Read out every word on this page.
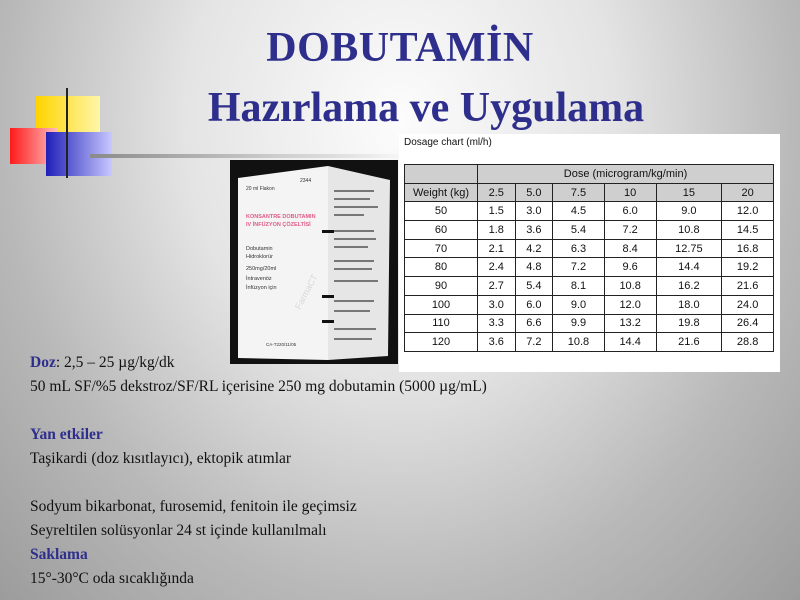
DOBUTAMİN
Hazırlama ve Uygulama
20 ml Flakon
2344
KONSANTRE DOBUTAMIN
IV İNFÜZYON ÇÖZELTİSİ
Dobutamin
Hidroklorür
250mg/20ml
İntravenöz
İnfüzyon için
CA-T220/11/05
FarmaCT
Dosage chart (ml/h)
	Dose (microgram/kg/min)					
Weight (kg)	2.5	5.0	7.5	10	15	20
50	1.5	3.0	4.5	6.0	9.0	12.0
60	1.8	3.6	5.4	7.2	10.8	14.5
70	2.1	4.2	6.3	8.4	12.75	16.8
80	2.4	4.8	7.2	9.6	14.4	19.2
90	2.7	5.4	8.1	10.8	16.2	21.6
100	3.0	6.0	9.0	12.0	18.0	24.0
110	3.3	6.6	9.9	13.2	19.8	26.4
120	3.6	7.2	10.8	14.4	21.6	28.8
Doz: 2,5 – 25 µg/kg/dk
50 mL SF/%5 dekstroz/SF/RL içerisine 250 mg dobutamin (5000 µg/mL)
Yan etkiler
Taşikardi (doz kısıtlayıcı), ektopik atımlar
Sodyum bikarbonat, furosemid, fenitoin ile geçimsiz
Seyreltilen solüsyonlar 24 st içinde kullanılmalı
Saklama
15°-30°C oda sıcaklığında
